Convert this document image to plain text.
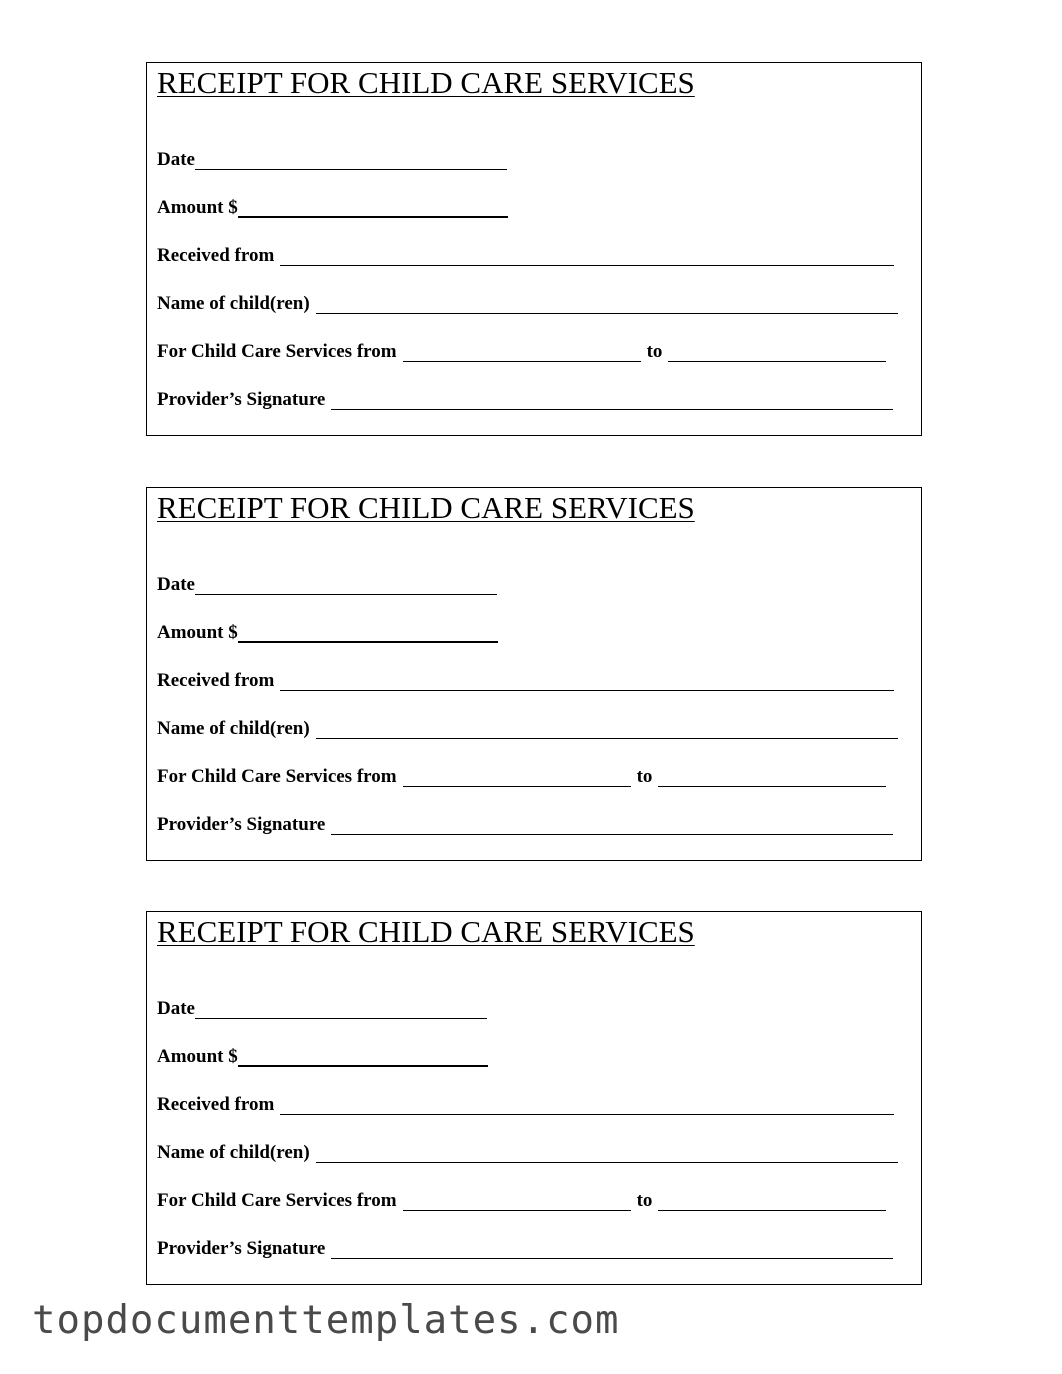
RECEIPT FOR CHILD CARE SERVICES
Date
Amount $
Received from
Name of child(ren)
For Child Care Services from	to
Provider’s Signature
RECEIPT FOR CHILD CARE SERVICES
Date
Amount $
Received from
Name of child(ren)
For Child Care Services from	to
Provider’s Signature
RECEIPT FOR CHILD CARE SERVICES
Date
Amount $
Received from
Name of child(ren)
For Child Care Services from	to
Provider’s Signature
topdocumenttemplates.com
